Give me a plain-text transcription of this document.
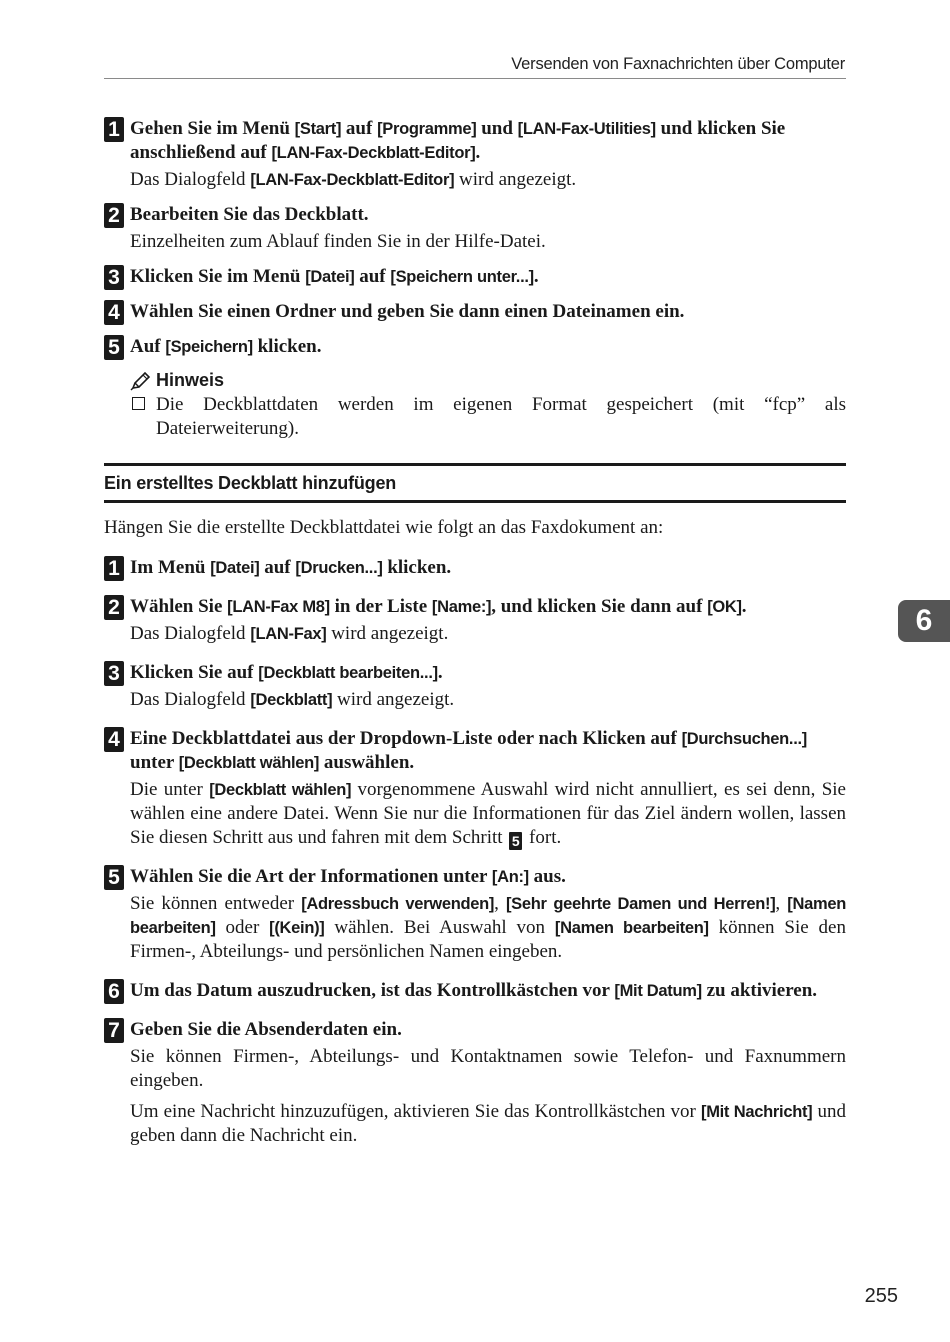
Versenden von Faxnachrichten über Computer
6
1 Gehen Sie im Menü [Start] auf [Programme] und [LAN-Fax-Utilities] und klicken Sie anschließend auf [LAN-Fax-Deckblatt-Editor].
Das Dialogfeld [LAN-Fax-Deckblatt-Editor] wird angezeigt.
2 Bearbeiten Sie das Deckblatt.
Einzelheiten zum Ablauf finden Sie in der Hilfe-Datei.
3 Klicken Sie im Menü [Datei] auf [Speichern unter...].
4 Wählen Sie einen Ordner und geben Sie dann einen Dateinamen ein.
5 Auf [Speichern] klicken.
Hinweis
Die Deckblattdaten werden im eigenen Format gespeichert (mit “fcp” als Dateierweiterung).
Ein erstelltes Deckblatt hinzufügen
Hängen Sie die erstellte Deckblattdatei wie folgt an das Faxdokument an:
1 Im Menü [Datei] auf [Drucken...] klicken.
2 Wählen Sie [LAN-Fax M8] in der Liste [Name:], und klicken Sie dann auf [OK].
Das Dialogfeld [LAN-Fax] wird angezeigt.
3 Klicken Sie auf [Deckblatt bearbeiten...].
Das Dialogfeld [Deckblatt] wird angezeigt.
4 Eine Deckblattdatei aus der Dropdown-Liste oder nach Klicken auf [Durchsuchen...] unter [Deckblatt wählen] auswählen.
Die unter [Deckblatt wählen] vorgenommene Auswahl wird nicht annulliert, es sei denn, Sie wählen eine andere Datei. Wenn Sie nur die Informationen für das Ziel ändern wollen, lassen Sie diesen Schritt aus und fahren mit dem Schritt 5 fort.
5 Wählen Sie die Art der Informationen unter [An:] aus.
Sie können entweder [Adressbuch verwenden], [Sehr geehrte Damen und Herren!], [Namen bearbeiten] oder [(Kein)] wählen. Bei Auswahl von [Namen bearbeiten] können Sie den Firmen-, Abteilungs- und persönlichen Namen eingeben.
6 Um das Datum auszudrucken, ist das Kontrollkästchen vor [Mit Datum] zu aktivieren.
7 Geben Sie die Absenderdaten ein.
Sie können Firmen-, Abteilungs- und Kontaktnamen sowie Telefon- und Faxnummern eingeben.
Um eine Nachricht hinzuzufügen, aktivieren Sie das Kontrollkästchen vor [Mit Nachricht] und geben dann die Nachricht ein.
255
